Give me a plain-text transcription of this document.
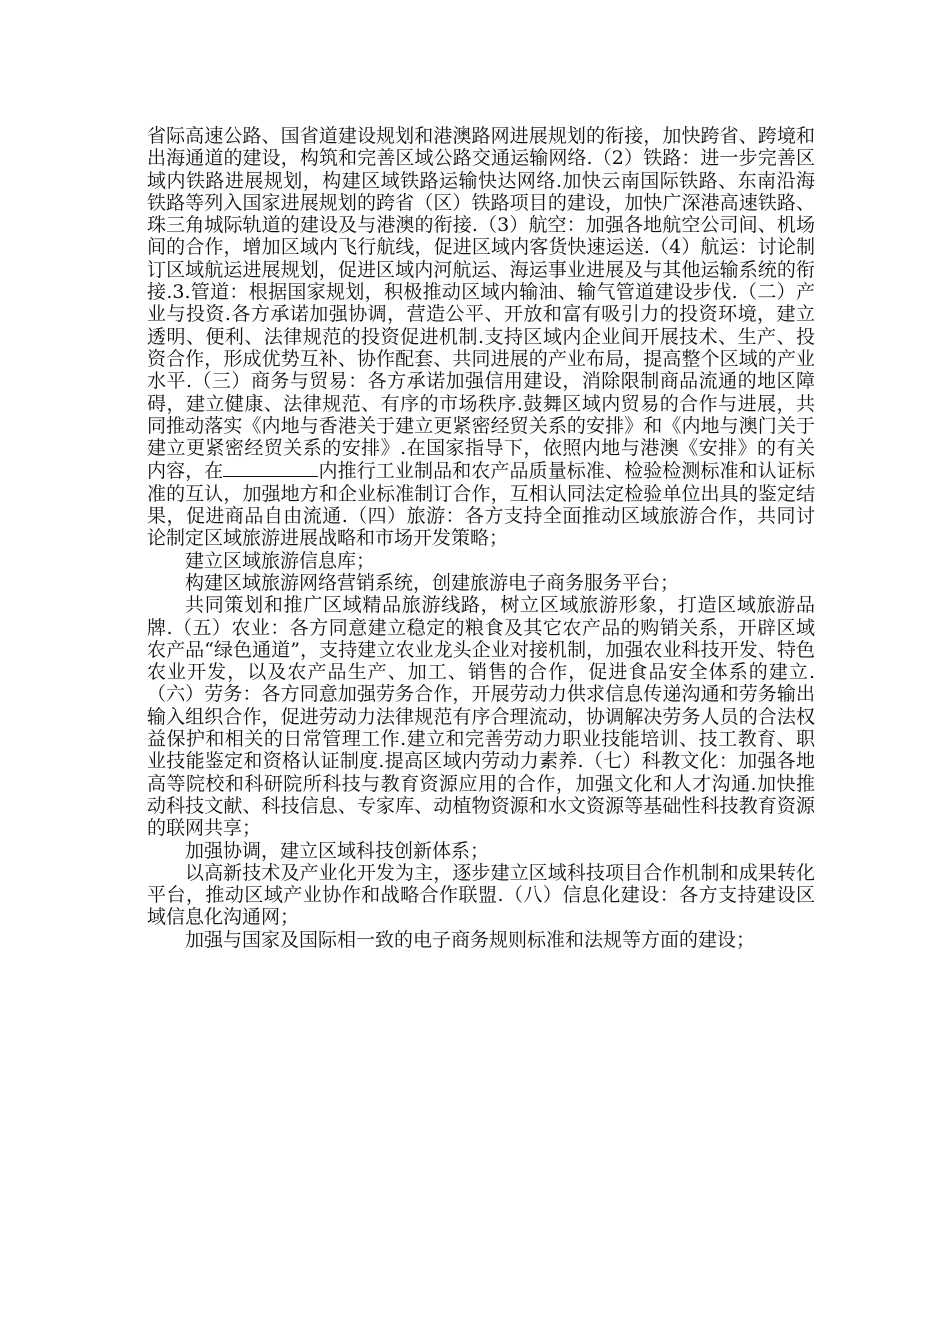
省际高速公路、国省道建设规划和港澳路网进展规划的衔接，加快跨省、跨境和出海通道的建设，构筑和完善区域公路交通运输网络.（2）铁路：进一步完善区域内铁路进展规划，构建区域铁路运输快达网络.加快云南国际铁路、东南沿海铁路等列入国家进展规划的跨省（区）铁路项目的建设，加快广深港高速铁路、珠三角城际轨道的建设及与港澳的衔接.（3）航空：加强各地航空公司间、机场间的合作，增加区域内飞行航线，促进区域内客货快速运送.（4）航运：讨论制订区域航运进展规划，促进区域内河航运、海运事业进展及与其他运输系统的衔接.3.管道：根据国家规划，积极推动区域内输油、输气管道建设步伐.（二）产业与投资.各方承诺加强协调，营造公平、开放和富有吸引力的投资环境，建立透明、便利、法律规范的投资促进机制.支持区域内企业间开展技术、生产、投资合作，形成优势互补、协作配套、共同进展的产业布局，提高整个区域的产业水平.（三）商务与贸易：各方承诺加强信用建设，消除限制商品流通的地区障碍，建立健康、法律规范、有序的市场秩序.鼓舞区域内贸易的合作与进展，共同推动落实《内地与香港关于建立更紧密经贸关系的安排》和《内地与澳门关于建立更紧密经贸关系的安排》.在国家指导下，依照内地与港澳《安排》的有关内容，在	内推行工业制品和农产品质量标准、检验检测标准和认证标准的互认，加强地方和企业标准制订合作，互相认同法定检验单位出具的鉴定结果，促进商品自由流通.（四）旅游：各方支持全面推动区域旅游合作，共同讨论制定区域旅游进展战略和市场开发策略；

建立区域旅游信息库；

构建区域旅游网络营销系统，创建旅游电子商务服务平台；

共同策划和推广区域精品旅游线路，树立区域旅游形象，打造区域旅游品牌.（五）农业：各方同意建立稳定的粮食及其它农产品的购销关系，开辟区域农产品“绿色通道”，支持建立农业龙头企业对接机制，加强农业科技开发、特色农业开发，以及农产品生产、加工、销售的合作，促进食品安全体系的建立.（六）劳务：各方同意加强劳务合作，开展劳动力供求信息传递沟通和劳务输出输入组织合作，促进劳动力法律规范有序合理流动，协调解决劳务人员的合法权益保护和相关的日常管理工作.建立和完善劳动力职业技能培训、技工教育、职业技能鉴定和资格认证制度.提高区域内劳动力素养.（七）科教文化：加强各地高等院校和科研院所科技与教育资源应用的合作，加强文化和人才沟通.加快推动科技文献、科技信息、专家库、动植物资源和水文资源等基础性科技教育资源的联网共享；

加强协调，建立区域科技创新体系；

以高新技术及产业化开发为主，逐步建立区域科技项目合作机制和成果转化平台，推动区域产业协作和战略合作联盟.（八）信息化建设：各方支持建设区域信息化沟通网；

加强与国家及国际相一致的电子商务规则标准和法规等方面的建设；
